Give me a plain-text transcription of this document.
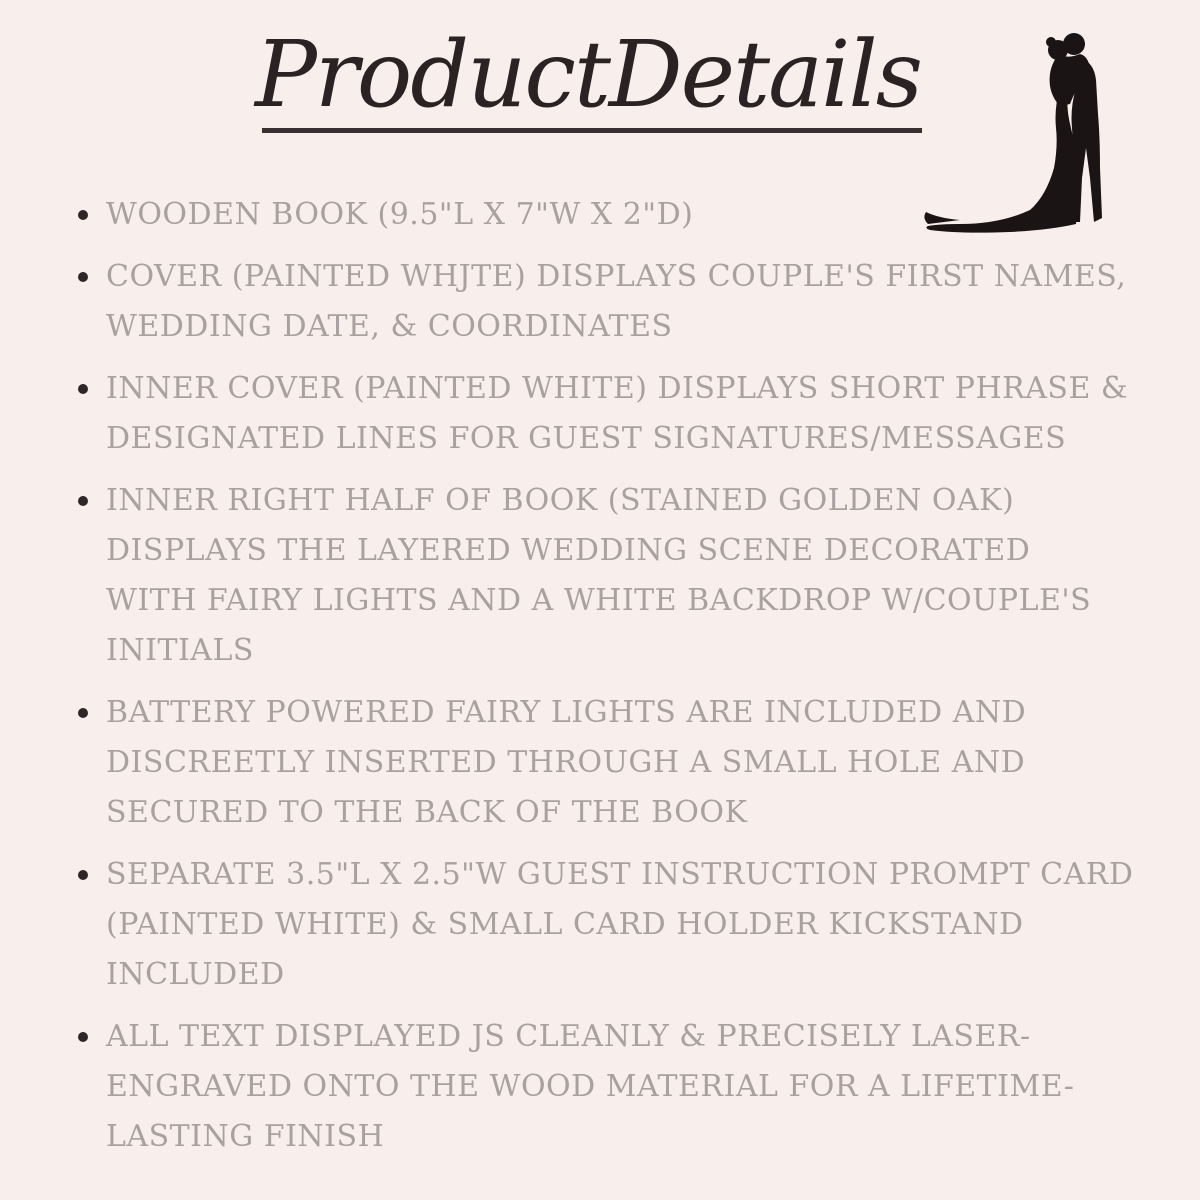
ProductDetails
WOODEN BOOK (9.5"L X 7"W X 2"D)
COVER (PAINTED WHJTE) DISPLAYS COUPLE'S FIRST NAMES,
WEDDING DATE, & COORDINATES
INNER COVER (PAINTED WHITE) DISPLAYS SHORT PHRASE &
DESIGNATED LINES FOR GUEST SIGNATURES/MESSAGES
INNER RIGHT HALF OF BOOK (STAINED GOLDEN OAK)
DISPLAYS THE LAYERED WEDDING SCENE DECORATED
WITH FAIRY LIGHTS AND A WHITE BACKDROP W/COUPLE'S
INITIALS
BATTERY POWERED FAIRY LIGHTS ARE INCLUDED AND
DISCREETLY INSERTED THROUGH A SMALL HOLE AND
SECURED TO THE BACK OF THE BOOK
SEPARATE 3.5"L X 2.5"W GUEST INSTRUCTION PROMPT CARD
(PAINTED WHITE) & SMALL CARD HOLDER KICKSTAND
INCLUDED
ALL TEXT DISPLAYED JS CLEANLY & PRECISELY LASER-
ENGRAVED ONTO THE WOOD MATERIAL FOR A LIFETIME-
LASTING FINISH
